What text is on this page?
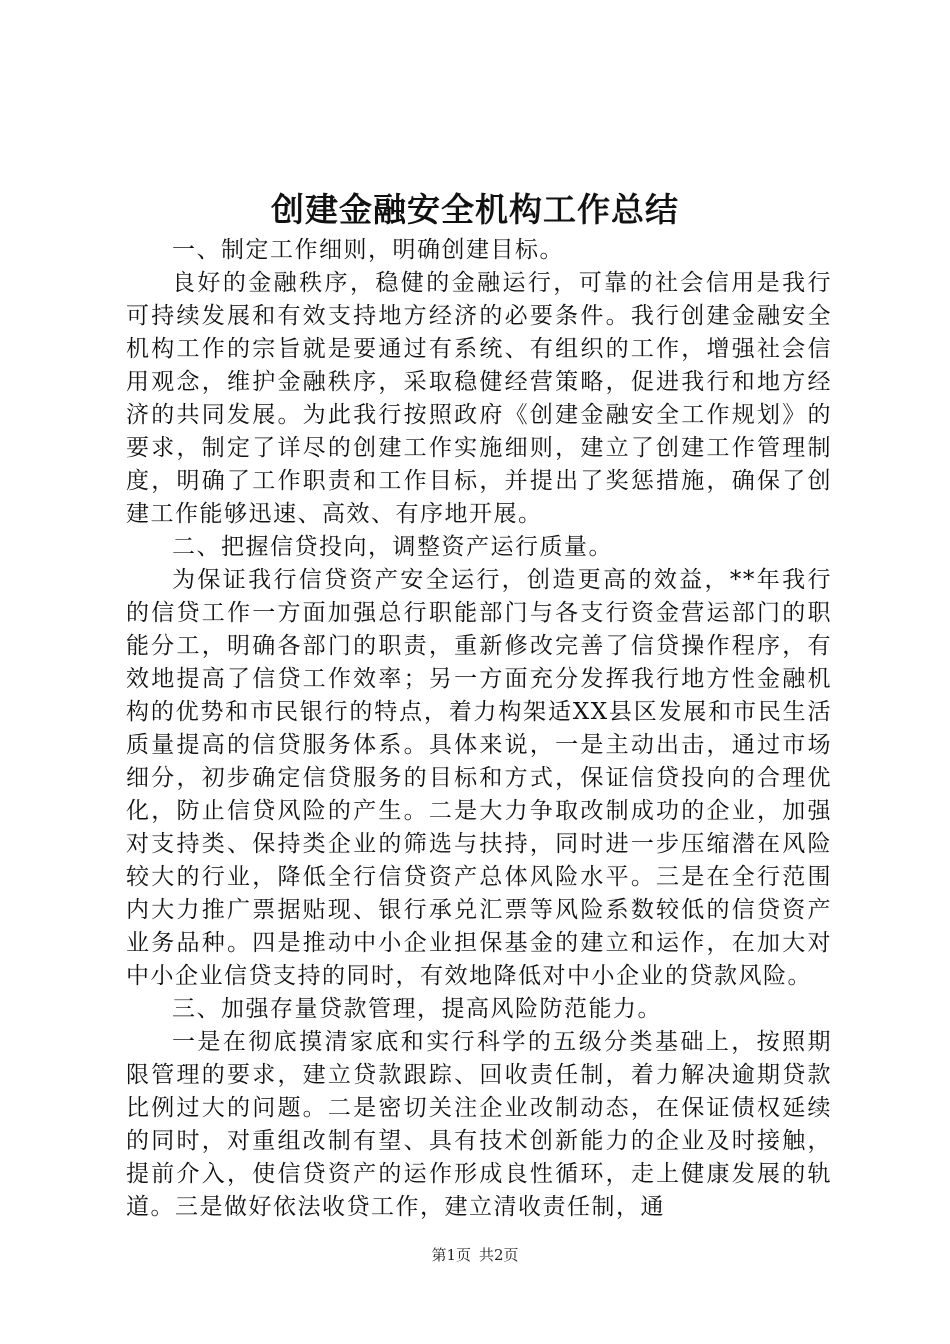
创建金融安全机构工作总结

一、制定工作细则，明确创建目标。

良好的金融秩序，稳健的金融运行，可靠的社会信用是我行可持续发展和有效支持地方经济的必要条件。我行创建金融安全机构工作的宗旨就是要通过有系统、有组织的工作，增强社会信用观念，维护金融秩序，采取稳健经营策略，促进我行和地方经济的共同发展。为此我行按照政府《创建金融安全工作规划》的要求，制定了详尽的创建工作实施细则，建立了创建工作管理制度，明确了工作职责和工作目标，并提出了奖惩措施，确保了创建工作能够迅速、高效、有序地开展。

二、把握信贷投向，调整资产运行质量。

为保证我行信贷资产安全运行，创造更高的效益，**年我行的信贷工作一方面加强总行职能部门与各支行资金营运部门的职能分工，明确各部门的职责，重新修改完善了信贷操作程序，有效地提高了信贷工作效率；另一方面充分发挥我行地方性金融机构的优势和市民银行的特点，着力构架适XX县区发展和市民生活质量提高的信贷服务体系。具体来说，一是主动出击，通过市场细分，初步确定信贷服务的目标和方式，保证信贷投向的合理优化，防止信贷风险的产生。二是大力争取改制成功的企业，加强对支持类、保持类企业的筛选与扶持，同时进一步压缩潜在风险较大的行业，降低全行信贷资产总体风险水平。三是在全行范围内大力推广票据贴现、银行承兑汇票等风险系数较低的信贷资产业务品种。四是推动中小企业担保基金的建立和运作，在加大对中小企业信贷支持的同时，有效地降低对中小企业的贷款风险。

三、加强存量贷款管理，提高风险防范能力。

一是在彻底摸清家底和实行科学的五级分类基础上，按照期限管理的要求，建立贷款跟踪、回收责任制，着力解决逾期贷款比例过大的问题。二是密切关注企业改制动态，在保证债权延续的同时，对重组改制有望、具有技术创新能力的企业及时接触，提前介入，使信贷资产的运作形成良性循环，走上健康发展的轨道。三是做好依法收贷工作，建立清收责任制，通

第1页 共2页
